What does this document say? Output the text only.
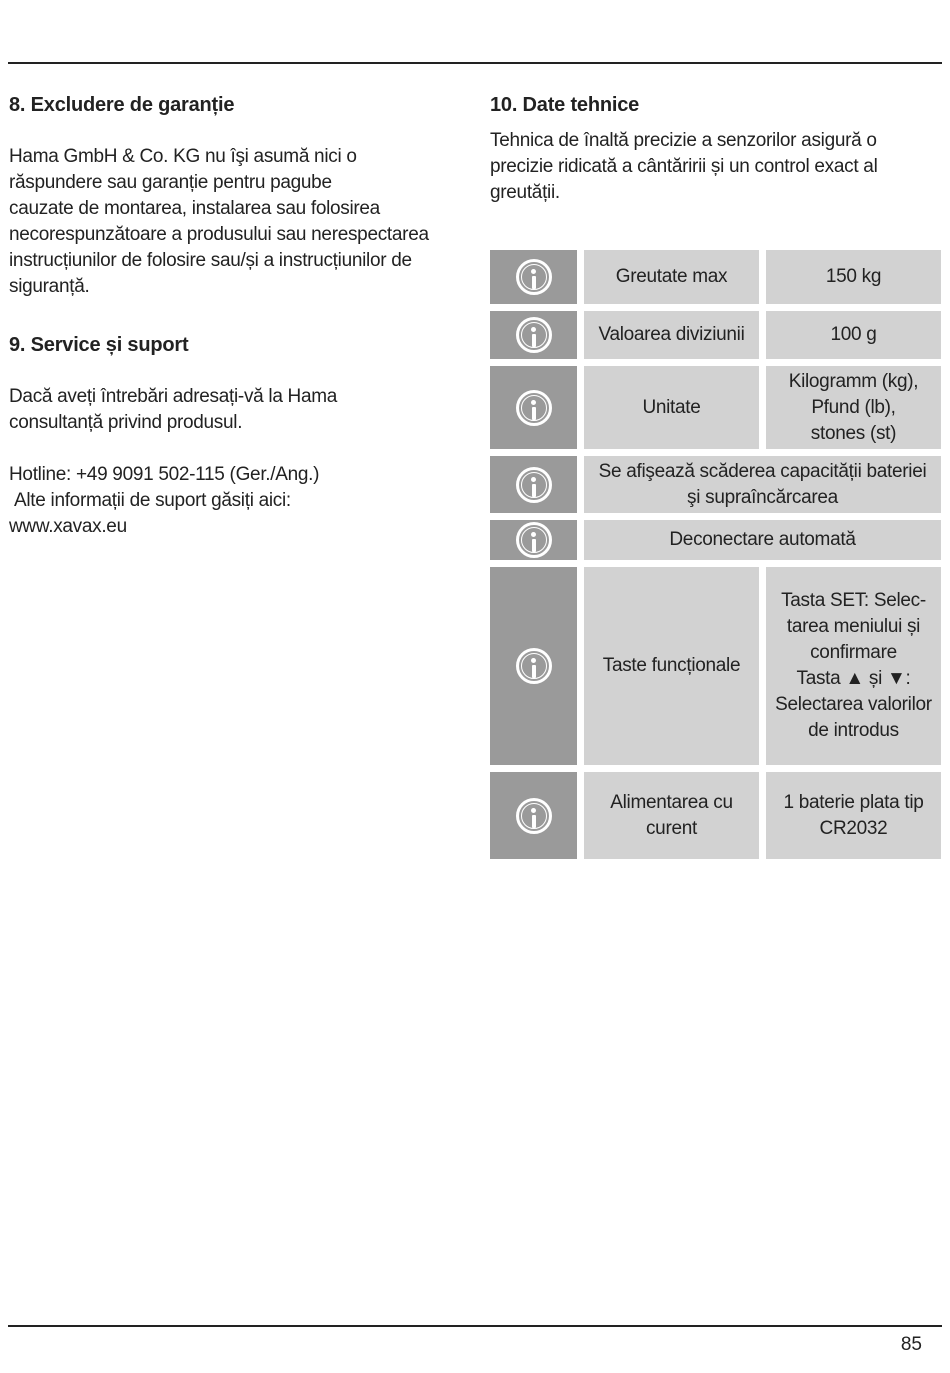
8. Excludere de garanție

Hama GmbH & Co. KG nu îşi asumă nici o

răspundere sau garanție pentru pagube

cauzate de montarea, instalarea sau folosirea

necorespunzătoare a produsului sau nerespectarea

instrucțiunilor de folosire sau/și a instrucțiunilor de

siguranță.

9. Service și suport

Dacă aveți întrebări adresați-vă la Hama

consultanță privind produsul.

Hotline: +49 9091 502-115 (Ger./Ang.)

Alte informații de suport găsiți aici:

www.xavax.eu

10. Date tehnice

Tehnica de înaltă precizie a senzorilor asigură o

precizie ridicată a cântăririi și un control exact al

greutății.

Greutate max	150 kg
Valoarea diviziunii	100 g
Unitate
Kilogramm (kg),
Pfund (lb),
stones (st)
Se afişează scăderea capacității bateriei
şi supraîncărcarea
Deconectare automată
Taste funcționale
Tasta SET: Selec-
tarea meniului și
confirmare
Tasta ▲ și ▼:
Selectarea valorilor
de introdus
Alimentarea cu
curent
1 baterie plata tip
CR2032
85
